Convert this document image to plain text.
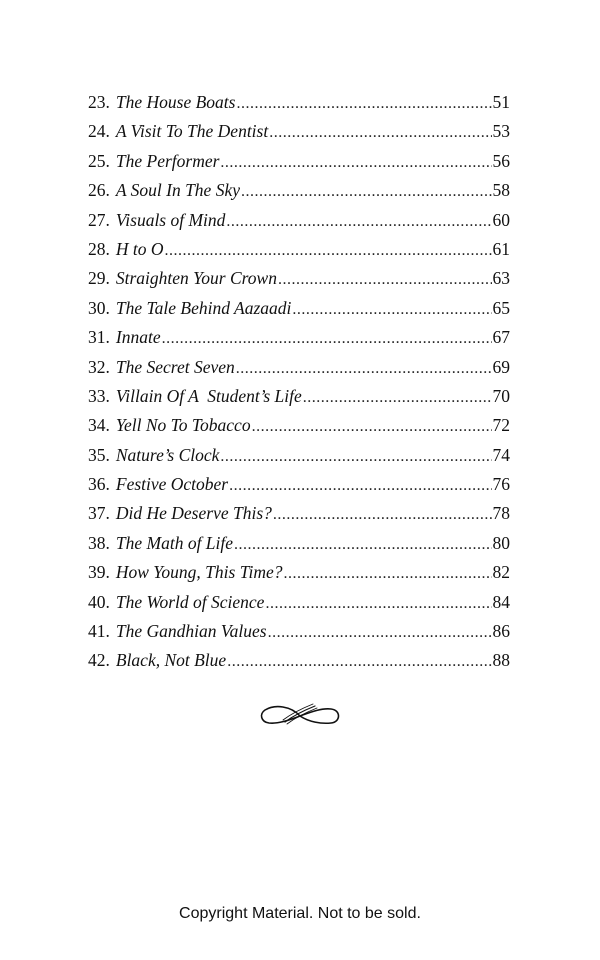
23. The House Boats .....	51
24. A Visit To The Dentist .....	53
25. The Performer .....	56
26. A Soul In The Sky .....	58
27. Visuals of Mind .....	60
28. H to O .....	61
29. Straighten Your Crown .....	63
30. The Tale Behind Aazaadi .....	65
31. Innate .....	67
32. The Secret Seven .....	69
33. Villain Of A  Student’s Life .....	70
34. Yell No To Tobacco .....	72
35. Nature’s Clock .....	74
36. Festive October .....	76
37. Did He Deserve This? .....	78
38. The Math of Life .....	80
39. How Young, This Time? .....	82
40. The World of Science .....	84
41. The Gandhian Values .....	86
42. Black, Not Blue .....	88
Copyright Material. Not to be sold.
